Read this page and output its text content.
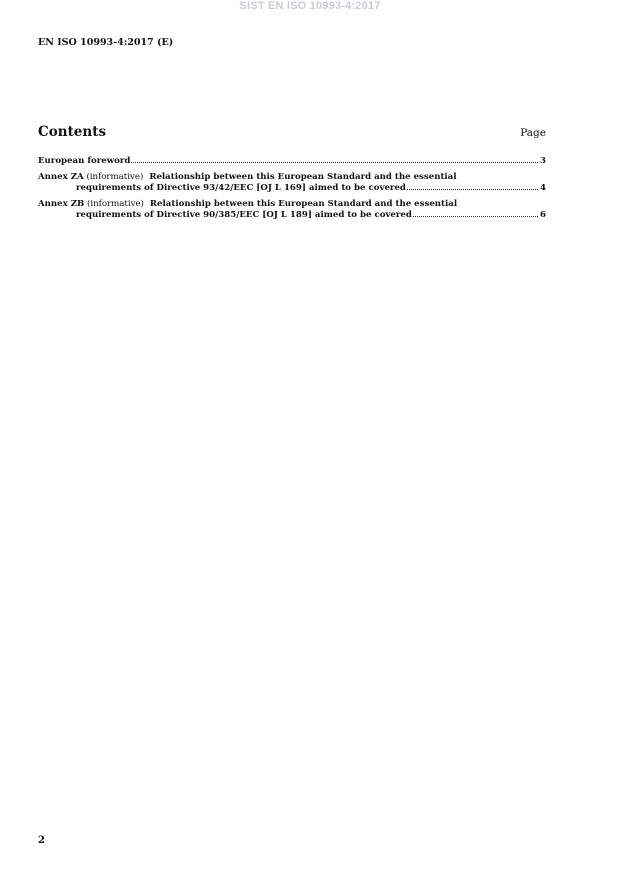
SIST EN ISO 10993-4:2017
EN ISO 10993-4:2017 (E)
Contents	Page
European foreword	3
Annex ZA
(informative) Relationship between this European Standard and the essential
requirements of Directive 93/42/EEC [OJ L 169] aimed to be covered	4
Annex ZB
(informative) Relationship between this European Standard and the essential
requirements of Directive 90/385/EEC [OJ L 189] aimed to be covered	6
2
